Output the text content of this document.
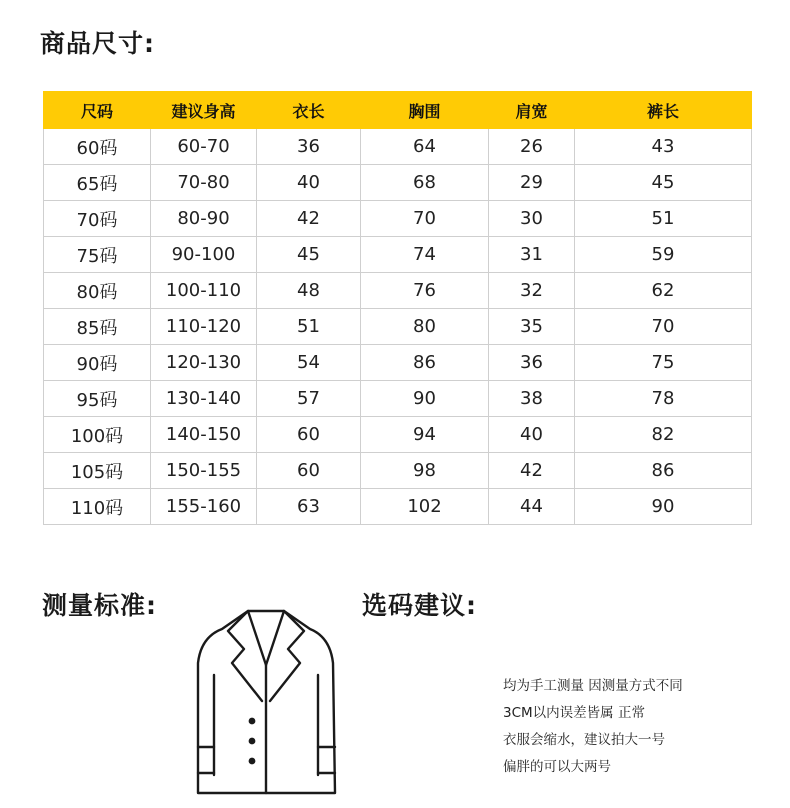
商品尺寸:
尺码	建议身高	衣长	胸围	肩宽	裤长
60码	60-70	36	64	26	43
65码	70-80	40	68	29	45
70码	80-90	42	70	30	51
75码	90-100	45	74	31	59
80码	100-110	48	76	32	62
85码	110-120	51	80	35	70
90码	120-130	54	86	36	75
95码	130-140	57	90	38	78
100码	140-150	60	94	40	82
105码	150-155	60	98	42	86
110码	155-160	63	102	44	90
测量标准:	选码建议:
均为手工测量 因测量方式不同
3CM以内误差皆属 正常
衣服会缩水，建议拍大一号
偏胖的可以大两号
